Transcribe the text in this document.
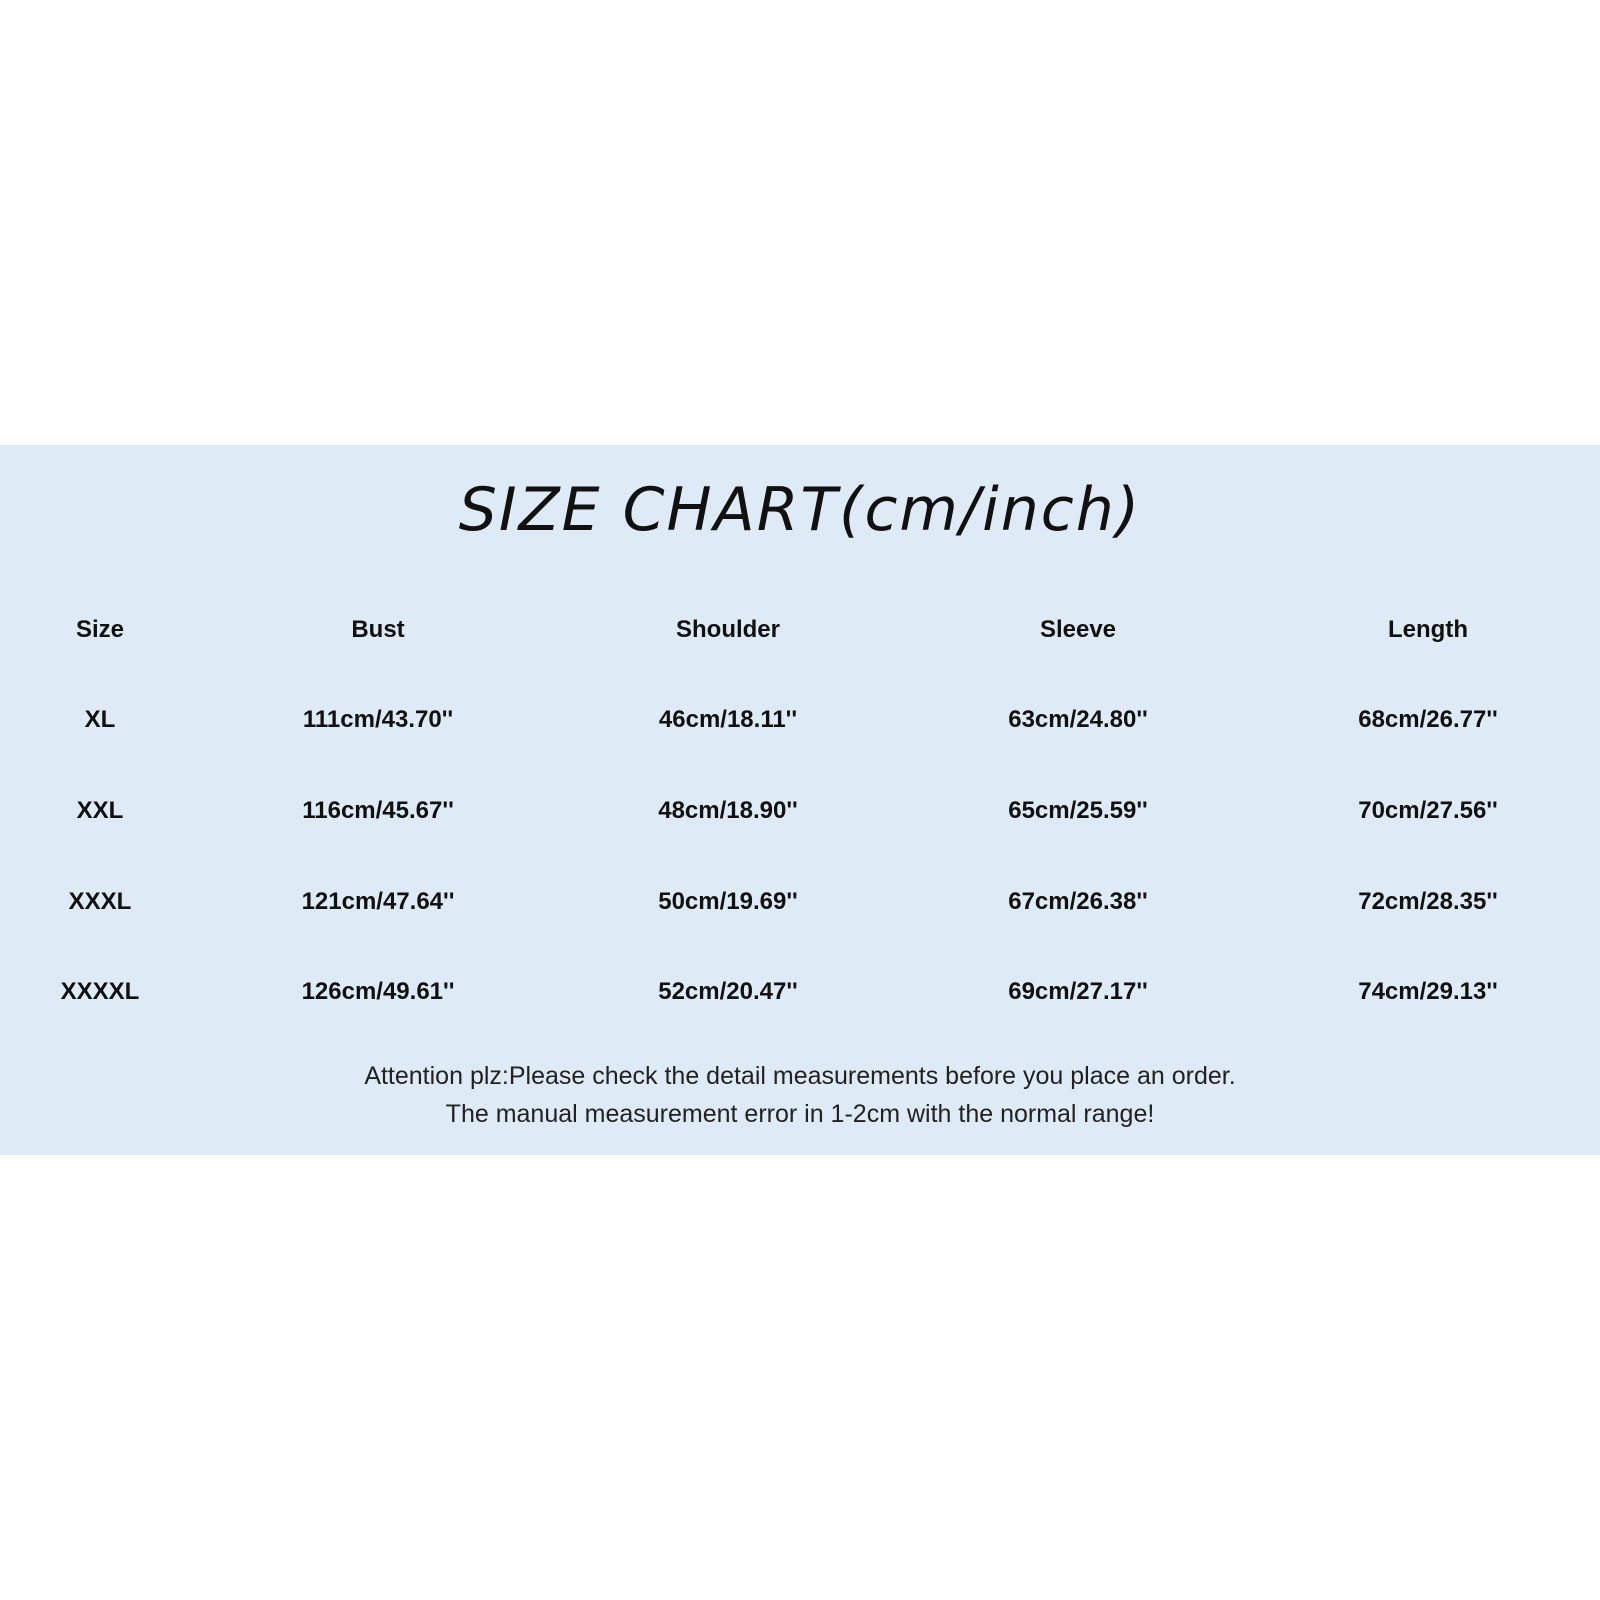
SIZE CHART(cm/inch)
Size	Bust	Shoulder	Sleeve	Length
XL	111cm/43.70''	46cm/18.11''	63cm/24.80''	68cm/26.77''
XXL	116cm/45.67''	48cm/18.90''	65cm/25.59''	70cm/27.56''
XXXL	121cm/47.64''	50cm/19.69''	67cm/26.38''	72cm/28.35''
XXXXL	126cm/49.61''	52cm/20.47''	69cm/27.17''	74cm/29.13''
Attention plz:Please check the detail measurements before you place an order.
The manual measurement error in 1-2cm with the normal range!
